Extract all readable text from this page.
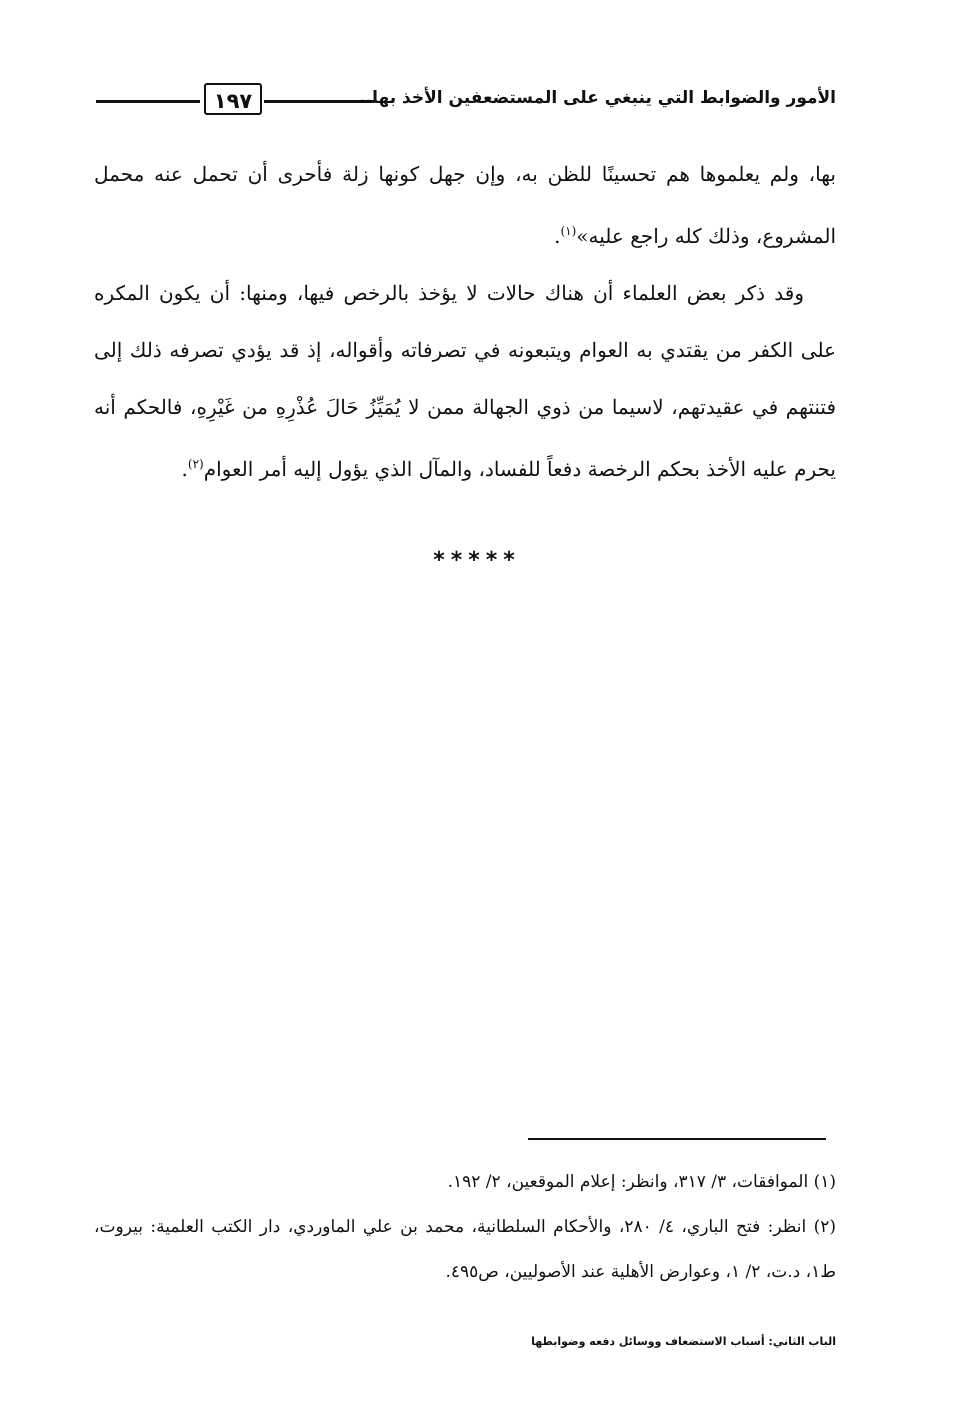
١٩٧	الأمور والضوابط التي ينبغي على المستضعفين الأخذ بها..

بها، ولم يعلموها هم تحسينًا للظن به، وإن جهل كونها زلة فأحرى أن تحمل عنه محمل المشروع، وذلك كله راجع عليه»$^{(١)}$.

وقد ذكر بعض العلماء أن هناك حالات لا يؤخذ بالرخص فيها، ومنها: أن يكون المكره على الكفر من يقتدي به العوام ويتبعونه في تصرفاته وأقواله، إذ قد يؤدي تصرفه ذلك إلى فتنتهم في عقيدتهم، لاسيما من ذوي الجهالة ممن لا يُمَيِّزُ حَالَ عُذْرِهِ من غَيْرِهِ، فالحكم أنه يحرم عليه الأخذ بحكم الرخصة دفعاً للفساد، والمآل الذي يؤول إليه أمر العوام$^{(٢)}$.

*****

(١) الموافقات، ٣/ ٣١٧، وانظر: إعلام الموقعين، ٢/ ١٩٢.

(٢) انظر: فتح الباري، ٤/ ٢٨٠، والأحكام السلطانية، محمد بن علي الماوردي، دار الكتب العلمية: بيروت، ط١، د.ت، ٢/ ١، وعوارض الأهلية عند الأصوليين، ص٤٩٥.

الباب الثاني: أسباب الاستضعاف ووسائل دفعه وضوابطها
